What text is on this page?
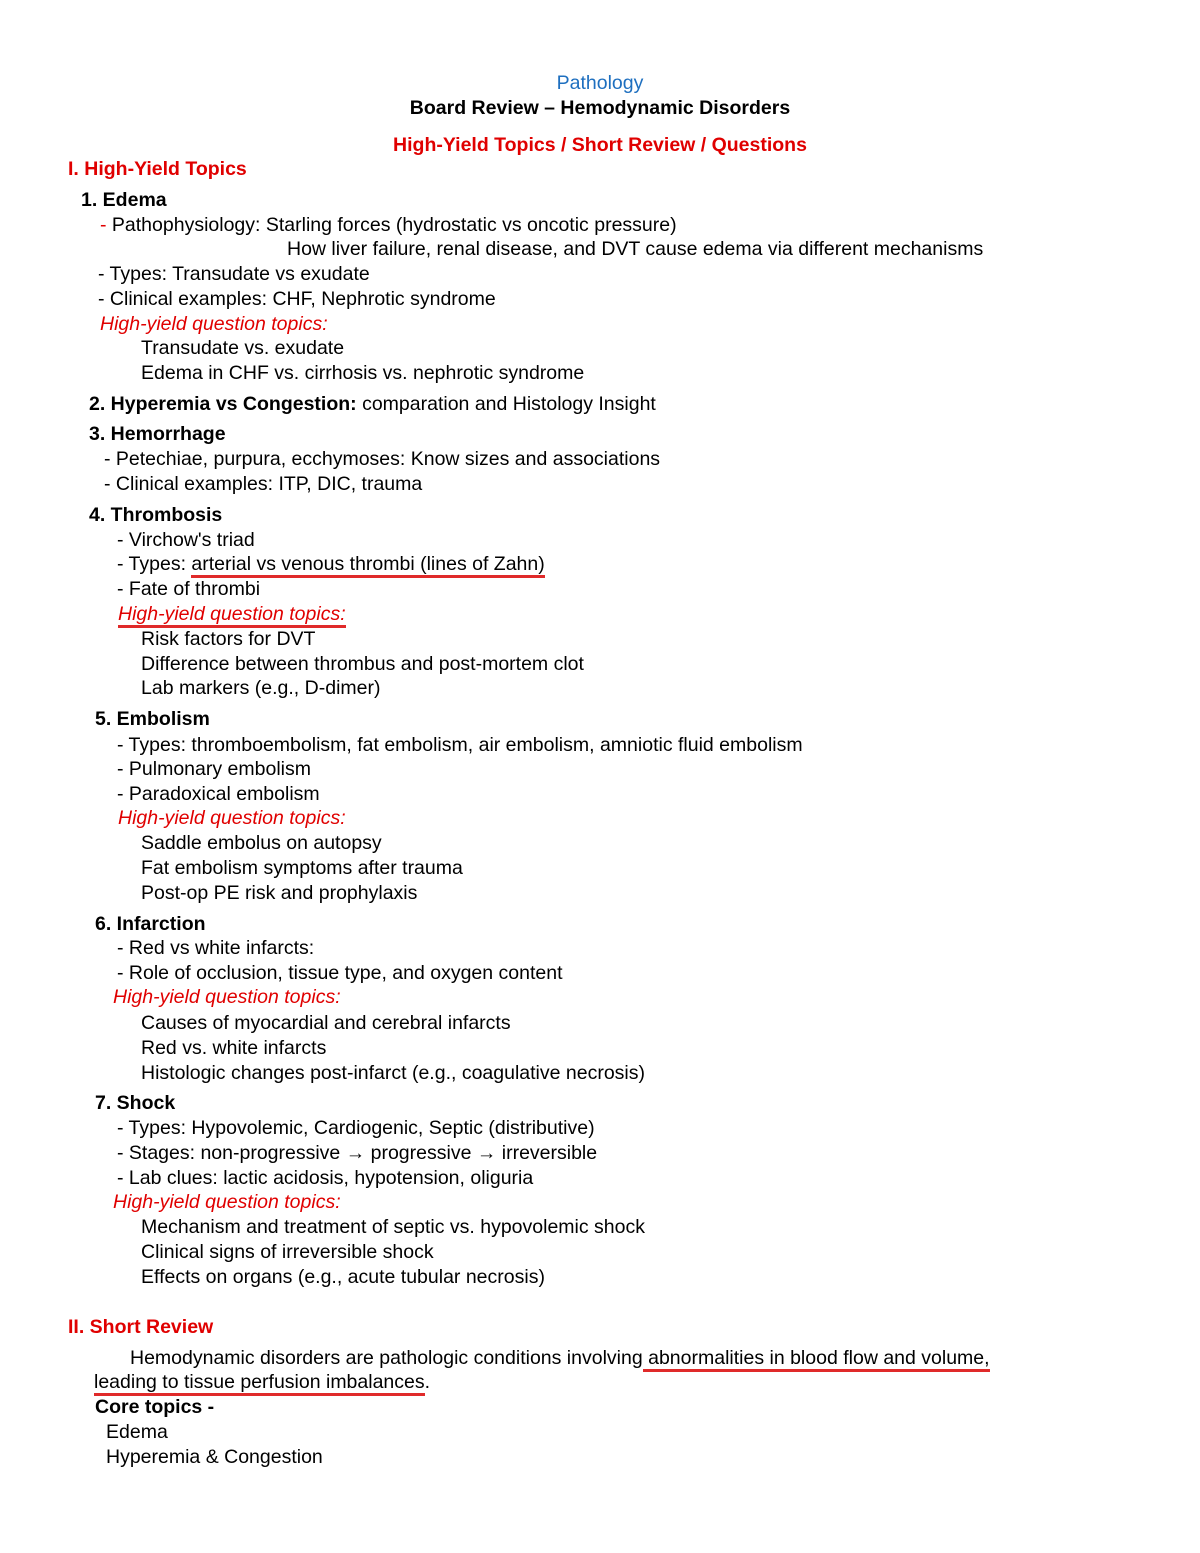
Pathology
Board Review – Hemodynamic Disorders
High-Yield Topics / Short Review / Questions
I. High-Yield Topics
1. Edema
- Pathophysiology: Starling forces (hydrostatic vs oncotic pressure)
How liver failure, renal disease, and DVT cause edema via different mechanisms
- Types: Transudate vs exudate
- Clinical examples: CHF, Nephrotic syndrome
High-yield question topics:
Transudate vs. exudate
Edema in CHF vs. cirrhosis vs. nephrotic syndrome
2. Hyperemia vs Congestion: comparation and Histology Insight
3. Hemorrhage
- Petechiae, purpura, ecchymoses: Know sizes and associations
- Clinical examples: ITP, DIC, trauma
4. Thrombosis
- Virchow's triad
- Types: arterial vs venous thrombi (lines of Zahn)
- Fate of thrombi
High-yield question topics:
Risk factors for DVT
Difference between thrombus and post-mortem clot
Lab markers (e.g., D-dimer)
5. Embolism
- Types: thromboembolism, fat embolism, air embolism, amniotic fluid embolism
- Pulmonary embolism
- Paradoxical embolism
High-yield question topics:
Saddle embolus on autopsy
Fat embolism symptoms after trauma
Post-op PE risk and prophylaxis
6. Infarction
- Red vs white infarcts:
- Role of occlusion, tissue type, and oxygen content
High-yield question topics:
Causes of myocardial and cerebral infarcts
Red vs. white infarcts
Histologic changes post-infarct (e.g., coagulative necrosis)
7. Shock
- Types: Hypovolemic, Cardiogenic, Septic (distributive)
- Stages: non-progressive → progressive → irreversible
- Lab clues: lactic acidosis, hypotension, oliguria
High-yield question topics:
Mechanism and treatment of septic vs. hypovolemic shock
Clinical signs of irreversible shock
Effects on organs (e.g., acute tubular necrosis)
II. Short Review
Hemodynamic disorders are pathologic conditions involving abnormalities in blood flow and volume,
leading to tissue perfusion imbalances.
Core topics -
Edema
Hyperemia & Congestion
